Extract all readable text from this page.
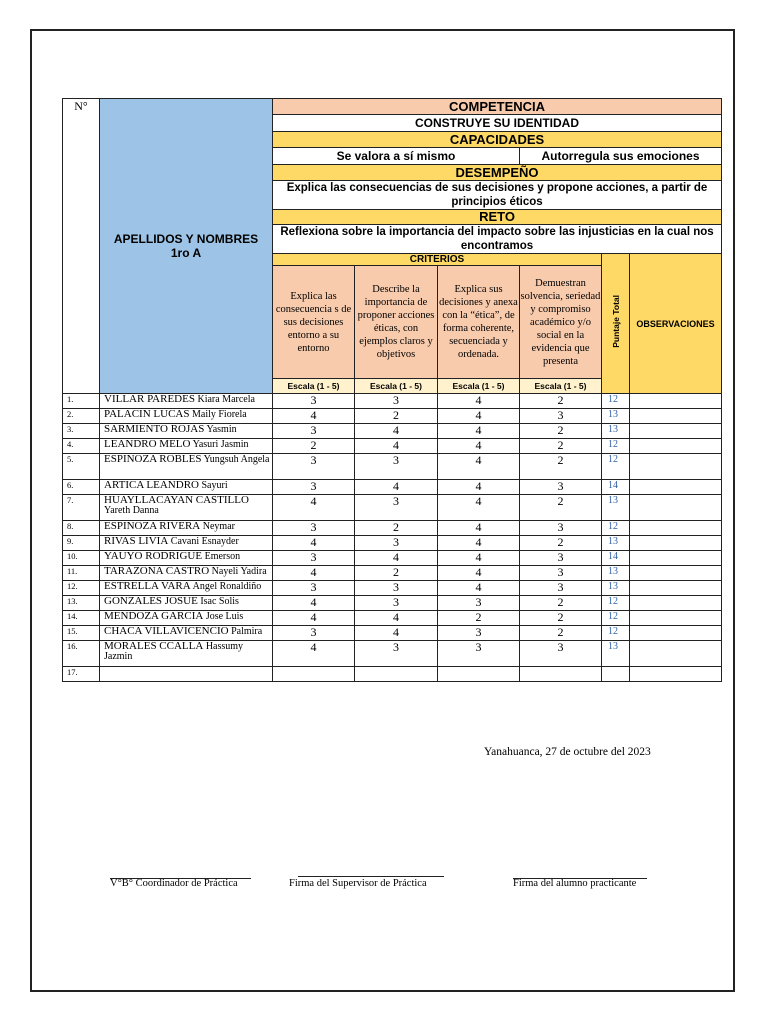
N°	APELLIDOS Y NOMBRES
1ro A	COMPETENCIA					
		CONSTRUYE SU IDENTIDAD					
		CAPACIDADES					
		Se valora a sí mismo			Autorregula sus emociones		
		DESEMPEÑO					
		Explica las consecuencias de sus decisiones y propone acciones, a partir de principios éticos					
		RETO					
		Reflexiona sobre la importancia del impacto sobre las injusticias en la cual nos encontramos					
		CRITERIOS				Puntaje Total	OBSERVACIONES
		Explica las consecuencia s de sus decisiones entorno a su entorno	Describe la importancia de proponer acciones éticas, con ejemplos claros y objetivos	Explica sus decisiones y anexa con la “ética”, de forma coherente, secuenciada y ordenada.	Demuestran solvencia, seriedad y compromiso académico y/o social en la evidencia que presenta		
		Escala (1 - 5)	Escala (1 - 5)	Escala (1 - 5)	Escala (1 - 5)		
1.	VILLAR PAREDES Kiara Marcela	3	3	4	2	12	
2.	PALACIN LUCAS Maily Fiorela	4	2	4	3	13	
3.	SARMIENTO ROJAS Yasmin	3	4	4	2	13	
4.	LEANDRO MELO Yasuri Jasmin	2	4	4	2	12	
5.	ESPINOZA ROBLES Yungsuh Angela	3	3	4	2	12	
6.	ARTICA LEANDRO Sayuri	3	4	4	3	14	
7.	HUAYLLACAYAN CASTILLO Yareth Danna	4	3	4	2	13	
8.	ESPINOZA RIVERA Neymar	3	2	4	3	12	
9.	RIVAS LIVIA Cavani Esnayder	4	3	4	2	13	
10.	YAUYO RODRIGUE Emerson	3	4	4	3	14	
11.	TARAZONA CASTRO Nayeli Yadira	4	2	4	3	13	
12.	ESTRELLA VARA Angel Ronaldiño	3	3	4	3	13	
13.	GONZALES JOSUE Isac Solis	4	3	3	2	12	
14.	MENDOZA GARCIA Jose Luis	4	4	2	2	12	
15.	CHACA VILLAVICENCIO Palmira	3	4	3	2	12	
16.	MORALES CCALLA Hassumy Jazmin	4	3	3	3	13	
17.							
Yanahuanca, 27 de octubre del 2023
V°B° Coordinador de Práctica	Firma del Supervisor de Práctica	Firma del alumno practicante
